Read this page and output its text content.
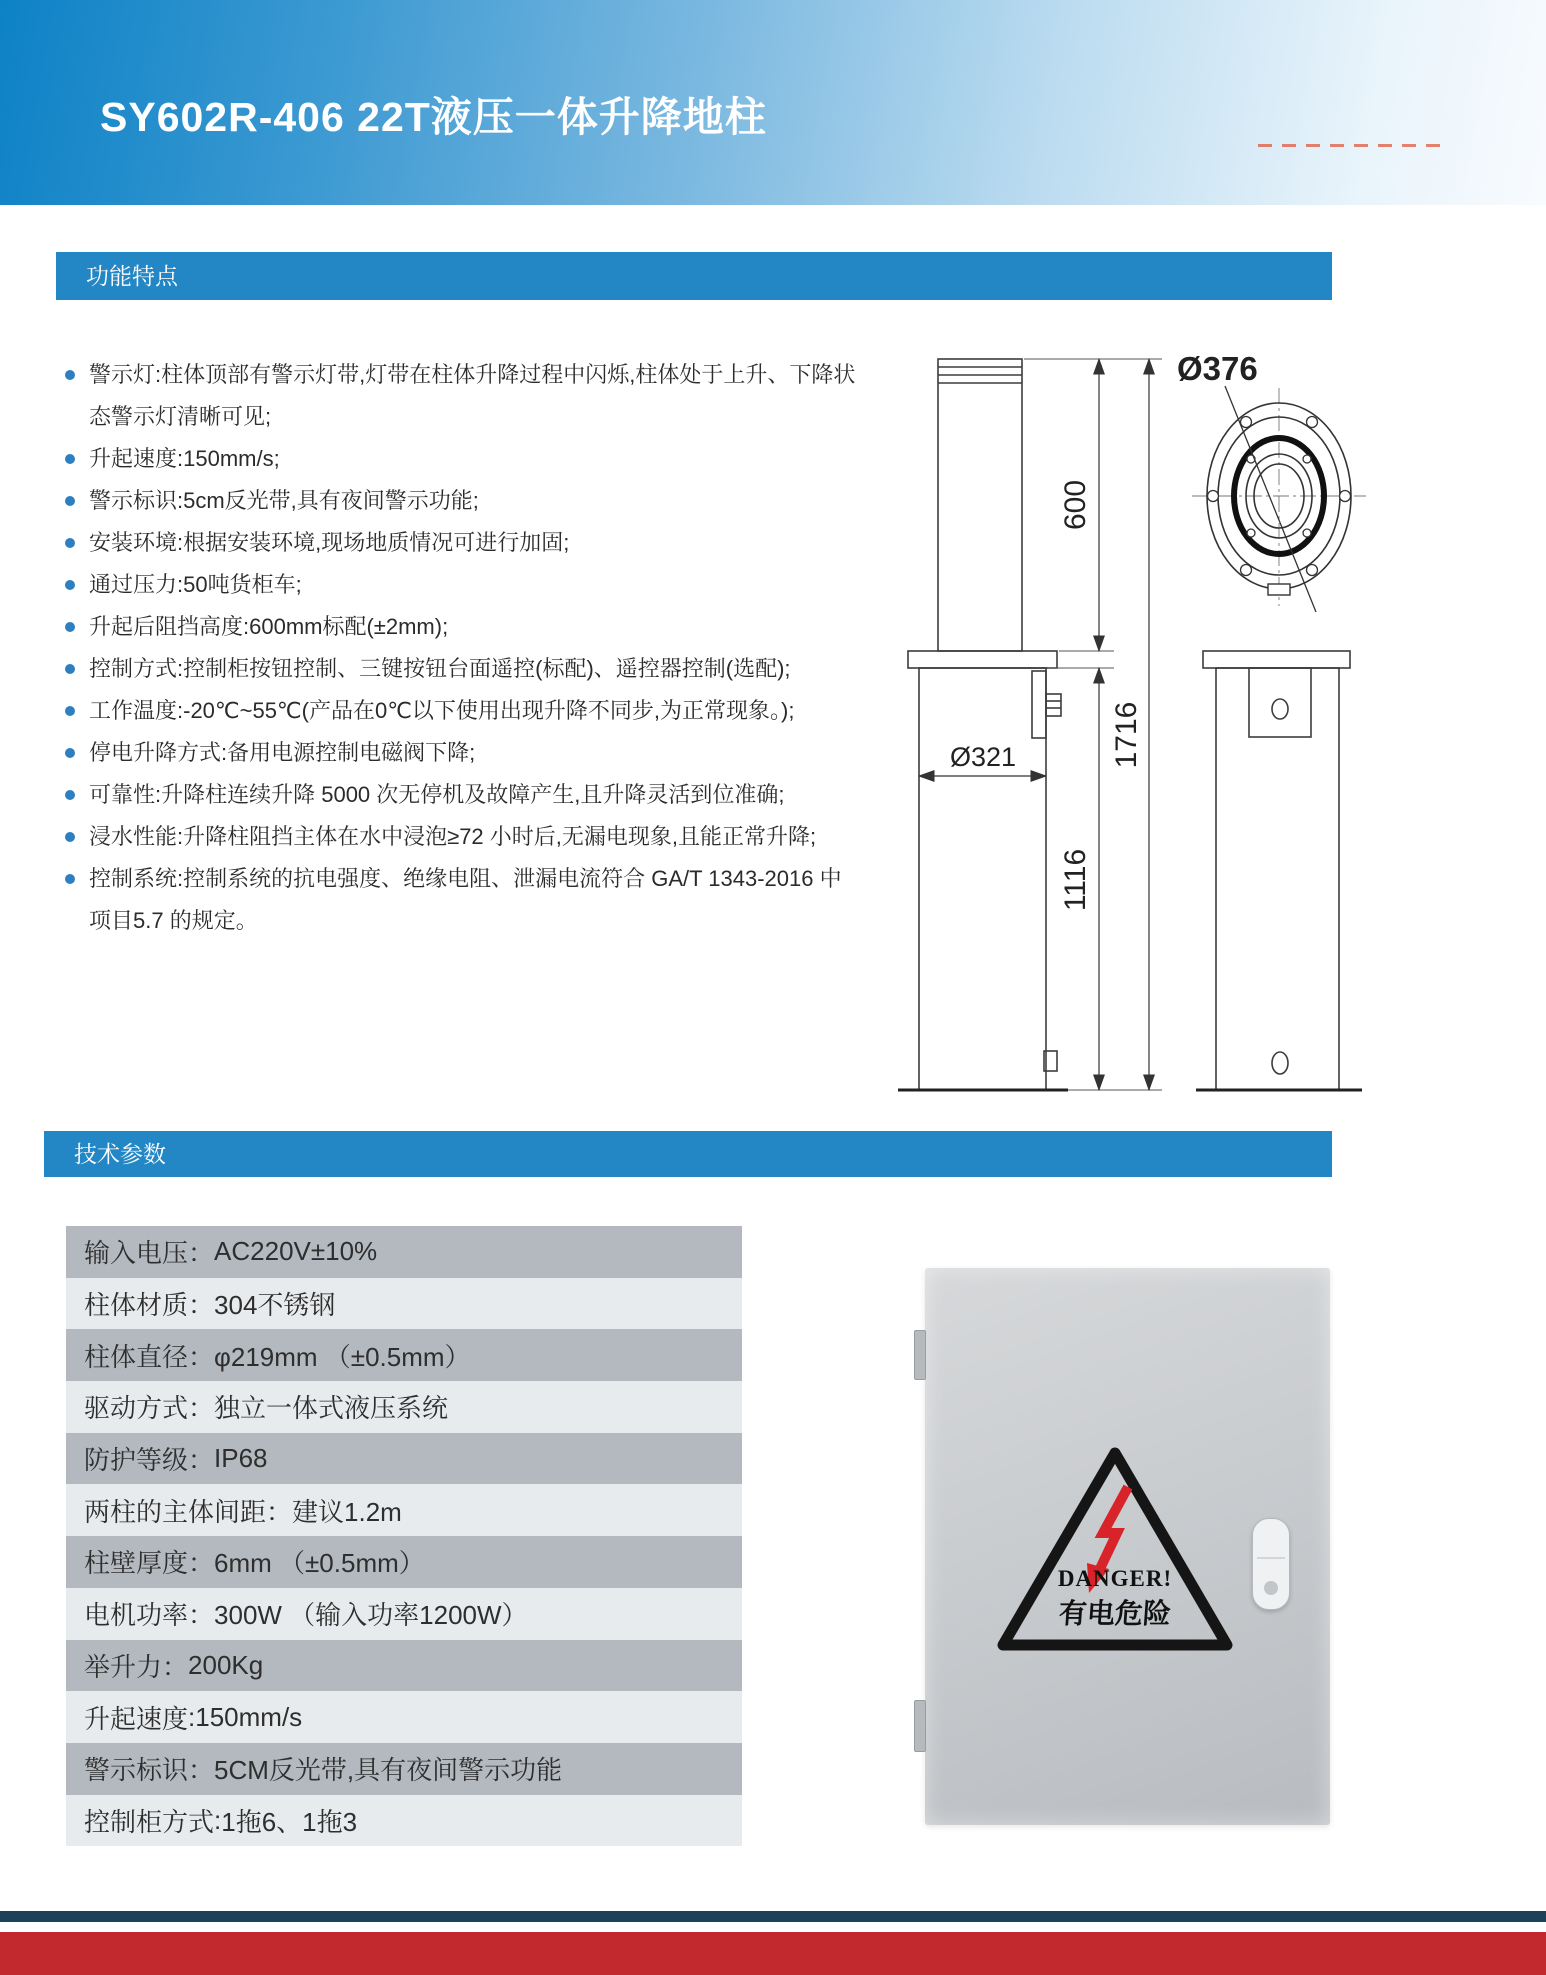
SY602R-406 22T液压一体升降地柱
功能特点
警示灯:柱体顶部有警示灯带,灯带在柱体升降过程中闪烁,柱体处于上升、下降状态警示灯清晰可见;
升起速度:150mm/s;
警示标识:5cm反光带,具有夜间警示功能;
安装环境:根据安装环境,现场地质情况可进行加固;
通过压力:50吨货柜车;
升起后阻挡高度:600mm标配(±2mm);
控制方式:控制柜按钮控制、三键按钮台面遥控(标配)、遥控器控制(选配);
工作温度:-20℃~55℃(产品在0℃以下使用出现升降不同步,为正常现象。);
停电升降方式:备用电源控制电磁阀下降;
可靠性:升降柱连续升降 5000 次无停机及故障产生,且升降灵活到位准确;
浸水性能:升降柱阻挡主体在水中浸泡≥72 小时后,无漏电现象,且能正常升降;
控制系统:控制系统的抗电强度、绝缘电阻、泄漏电流符合 GA/T 1343-2016 中项目5.7 的规定。
600
1116
1716
Ø321
Ø376
技术参数
输入电压 ： AC220V±10%
柱体材质 ： 304不锈钢
柱体直径 ： φ219mm （±0.5mm）
驱动方式 ： 独立一体式液压系统
防护等级 ： IP68
两柱的主体间距 ： 建议1.2m
柱壁厚度 ： 6mm （±0.5mm）
电机功率 ： 300W （输入功率1200W）
举升力 ： 200Kg
升起速度 : 150mm/s
警示标识 ： 5CM反光带,具有夜间警示功能
控制柜方式 : 1拖6、1拖3
DANGER!
有电危险
